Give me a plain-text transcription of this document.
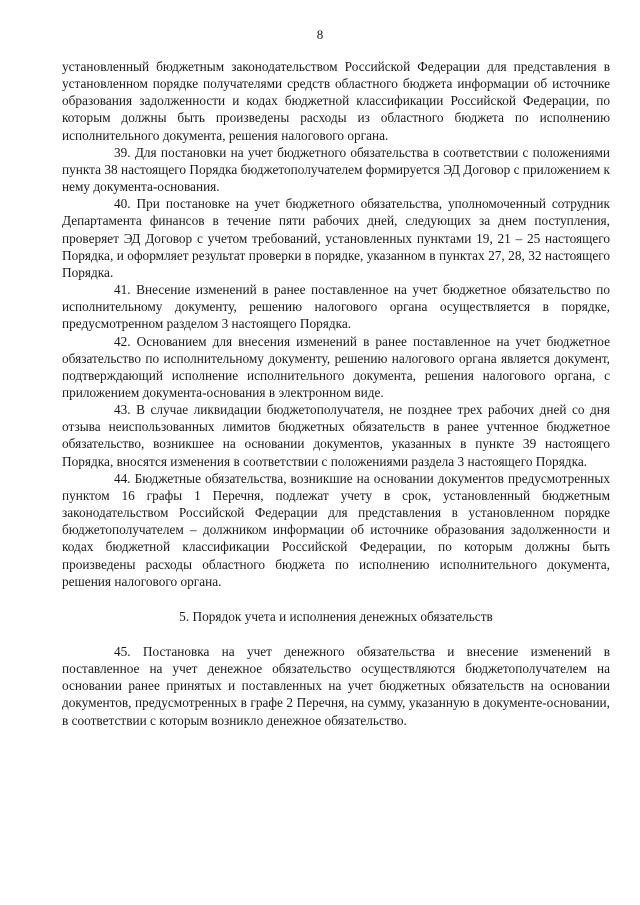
8

установленный бюджетным законодательством Российской Федерации для представления в установленном порядке получателями средств областного бюджета информации об источнике образования задолженности и кодах бюджетной классификации Российской Федерации, по которым должны быть произведены расходы из областного бюджета по исполнению исполнительного документа, решения налогового органа.

39. Для постановки на учет бюджетного обязательства в соответствии с положениями пункта 38 настоящего Порядка бюджетополучателем формируется ЭД Договор с приложением к нему документа-основания.

40. При постановке на учет бюджетного обязательства, уполномоченный сотрудник Департамента финансов в течение пяти рабочих дней, следующих за днем поступления, проверяет ЭД Договор с учетом требований, установленных пунктами 19, 21 – 25 настоящего Порядка, и оформляет результат проверки в порядке, указанном в пунктах 27, 28, 32 настоящего Порядка.

41. Внесение изменений в ранее поставленное на учет бюджетное обязательство по исполнительному документу, решению налогового органа осуществляется в порядке, предусмотренном разделом 3 настоящего Порядка.

42. Основанием для внесения изменений в ранее поставленное на учет бюджетное обязательство по исполнительному документу, решению налогового органа является документ, подтверждающий исполнение исполнительного документа, решения налогового органа, с приложением документа-основания в электронном виде.

43. В случае ликвидации бюджетополучателя, не позднее трех рабочих дней со дня отзыва неиспользованных лимитов бюджетных обязательств в ранее учтенное бюджетное обязательство, возникшее на основании документов, указанных в пункте 39 настоящего Порядка, вносятся изменения в соответствии с положениями раздела 3 настоящего Порядка.

44. Бюджетные обязательства, возникшие на основании документов предусмотренных пунктом 16 графы 1 Перечня, подлежат учету в срок, установленный бюджетным законодательством Российской Федерации для представления в установленном порядке бюджетополучателем – должником информации об источнике образования задолженности и кодах бюджетной классификации Российской Федерации, по которым должны быть произведены расходы областного бюджета по исполнению исполнительного документа, решения налогового органа.

5. Порядок учета и исполнения денежных обязательств

45. Постановка на учет денежного обязательства и внесение изменений в поставленное на учет денежное обязательство осуществляются бюджетополучателем на основании ранее принятых и поставленных на учет бюджетных обязательств на основании документов, предусмотренных в графе 2 Перечня, на сумму, указанную в документе-основании, в соответствии с которым возникло денежное обязательство.
